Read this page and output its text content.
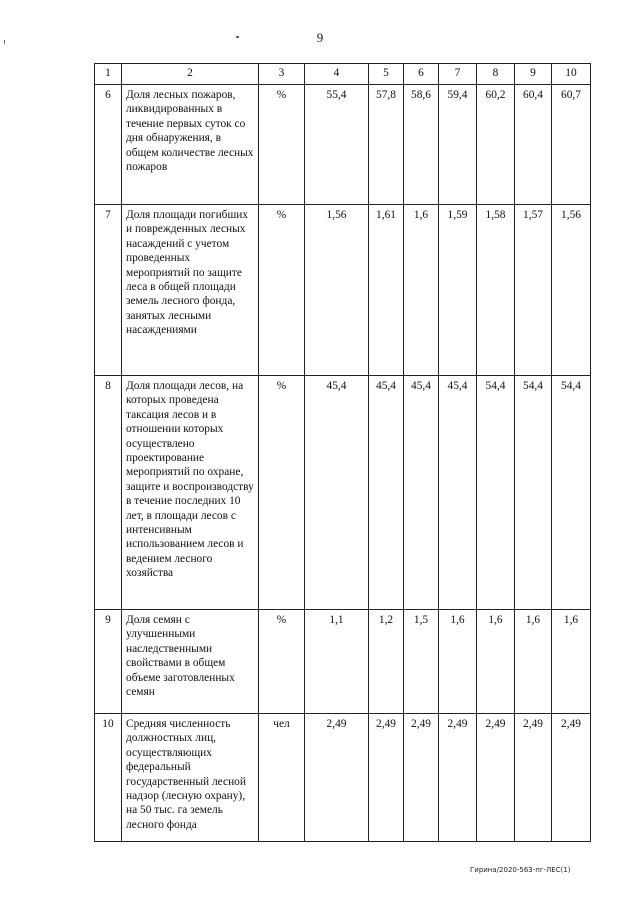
9
1	2	3	4	5	6	7	8	9	10
6	Доля лесных пожаров, ликвидированных в течение первых суток со дня обнаружения, в общем количестве лесных пожаров	%	55,4	57,8	58,6	59,4	60,2	60,4	60,7
7	Доля площади погибших и поврежденных лесных насаждений с учетом проведенных мероприятий по защите леса в общей площади земель лесного фонда, занятых лесными насаждениями	%	1,56	1,61	1,6	1,59	1,58	1,57	1,56
8	Доля площади лесов, на которых проведена таксация лесов и в отношении которых осуществлено проектирование мероприятий по охране, защите и воспроизводству в течение последних 10 лет, в площади лесов с интенсивным использованием лесов и ведением лесного хозяйства	%	45,4	45,4	45,4	45,4	54,4	54,4	54,4
9	Доля семян с улучшенными наследственными свойствами в общем объеме заготовленных семян	%	1,1	1,2	1,5	1,6	1,6	1,6	1,6
10	Средняя численность должностных лиц, осуществляющих федеральный государственный лесной надзор (лесную охрану), на 50 тыс. га земель лесного фонда	чел	2,49	2,49	2,49	2,49	2,49	2,49	2,49
Гирина/2020-563-пг-ЛЕС(1)
